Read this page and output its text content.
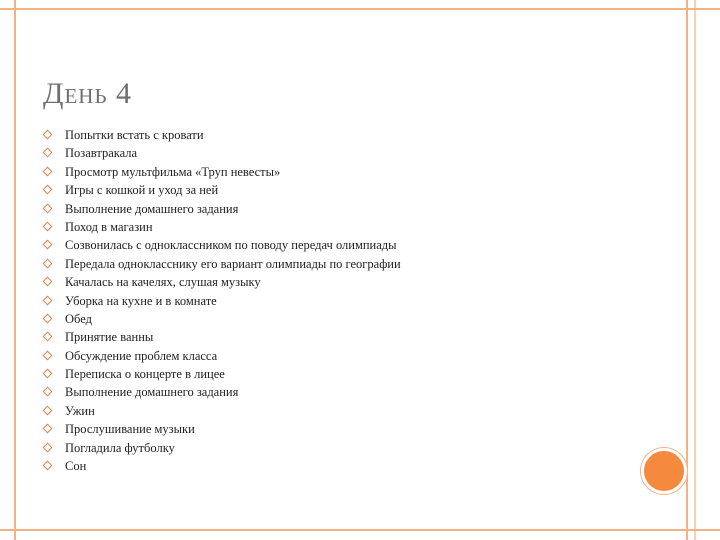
День 4
Попытки встать с кровати
Позавтракала
Просмотр мультфильма «Труп невесты»
Игры с кошкой и уход за ней
Выполнение домашнего задания
Поход в магазин
Созвонилась с одноклассником по поводу передач олимпиады
Передала однокласснику его вариант олимпиады по географии
Качалась на качелях, слушая музыку
Уборка на кухне и в комнате
Обед
Принятие ванны
Обсуждение проблем класса
Переписка о концерте в лицее
Выполнение домашнего задания
Ужин
Прослушивание музыки
Погладила футболку
Сон
